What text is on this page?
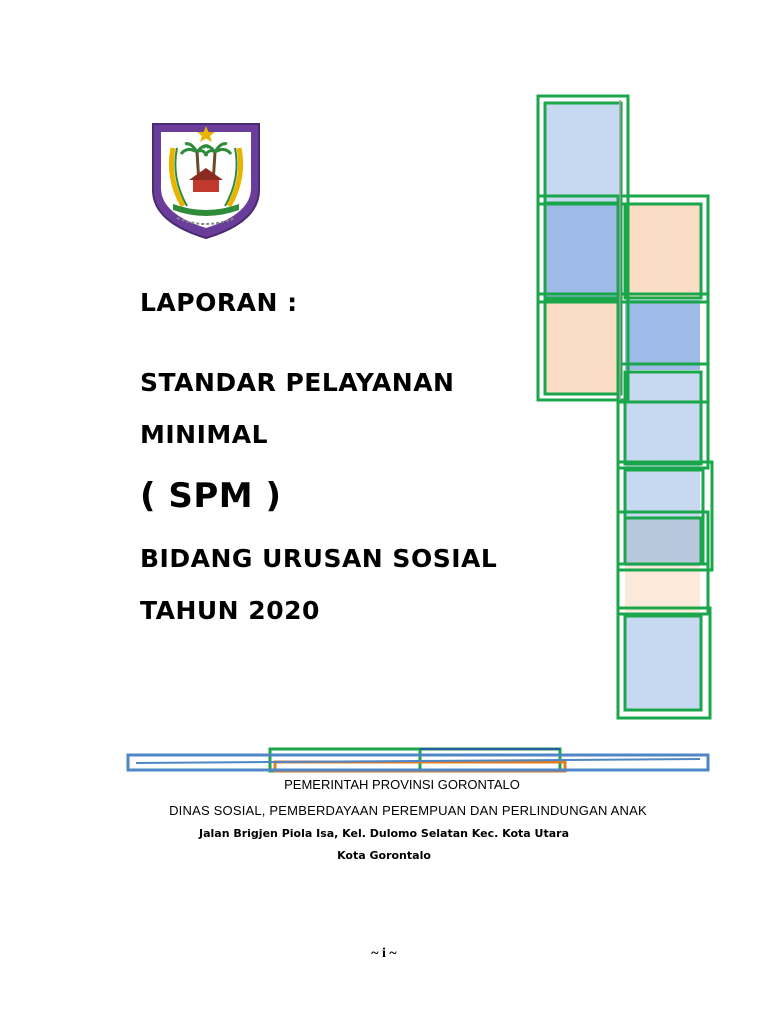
LAPORAN :
STANDAR PELAYANAN
MINIMAL
( SPM )
BIDANG URUSAN SOSIAL
TAHUN 2020
PEMERINTAH PROVINSI GORONTALO
DINAS SOSIAL, PEMBERDAYAAN PEREMPUAN DAN PERLINDUNGAN ANAK
Jalan Brigjen Piola Isa, Kel. Dulomo Selatan Kec. Kota Utara
Kota Gorontalo
~ i ~
